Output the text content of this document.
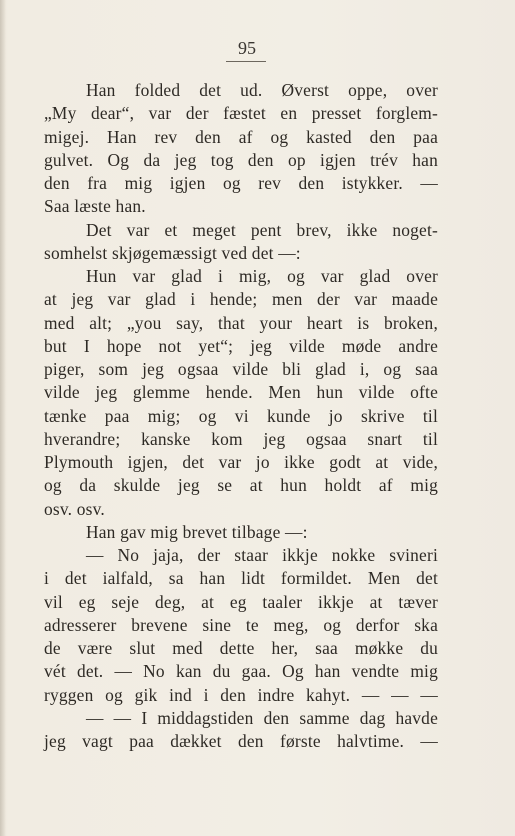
95
Han folded det ud. Øverst oppe, over
„My dear“, var der fæstet en presset forglem-
migej. Han rev den af og kasted den paa
gulvet. Og da jeg tog den op igjen trév han
den fra mig igjen og rev den istykker. —
Saa læste han.
Det var et meget pent brev, ikke noget-
somhelst skjøgemæssigt ved det —:
Hun var glad i mig, og var glad over
at jeg var glad i hende; men der var maade
med alt; „you say, that your heart is broken,
but I hope not yet“; jeg vilde møde andre
piger, som jeg ogsaa vilde bli glad i, og saa
vilde jeg glemme hende. Men hun vilde ofte
tænke paa mig; og vi kunde jo skrive til
hverandre; kanske kom jeg ogsaa snart til
Plymouth igjen, det var jo ikke godt at vide,
og da skulde jeg se at hun holdt af mig
osv. osv.
Han gav mig brevet tilbage —:
— No jaja, der staar ikkje nokke svineri
i det ialfald, sa han lidt formildet. Men det
vil eg seje deg, at eg taaler ikkje at tæver
adresserer brevene sine te meg, og derfor ska
de være slut med dette her, saa møkke du
vét det. — No kan du gaa. Og han vendte mig
ryggen og gik ind i den indre kahyt. — — —
— — I middagstiden den samme dag havde
jeg vagt paa dækket den første halvtime. —
